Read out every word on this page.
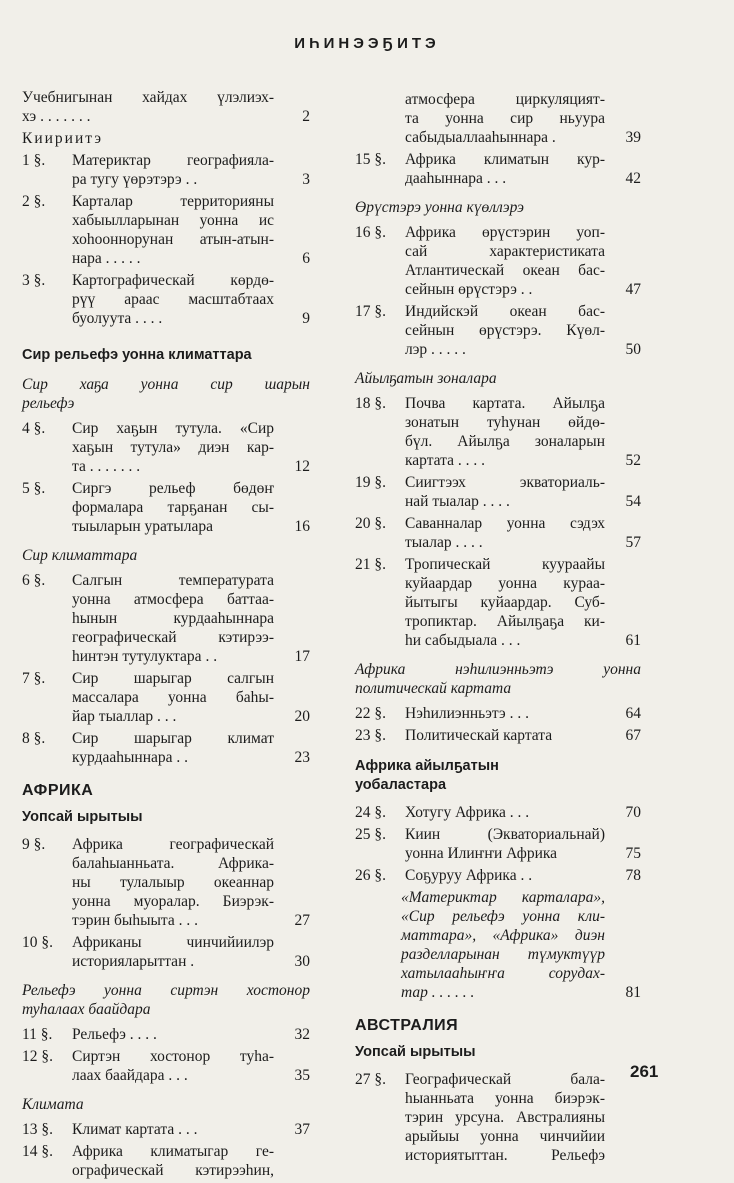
ИҺИНЭЭҔИТЭ
Учебнигынан хайдах үлэлиэх-
хэ . . . . . . .	2
Киириитэ
1 §.	Материктар географияла-
ра тугу үөрэтэрэ . .	3
2 §.	Карталар территорияны
хабыылларынан уонна ис
хоһооннорунан атын-атын-
нара . . . . .	6
3 §.	Картографическай көрдө-
рүү араас масштабтаах
буолуута . . . .	9
Сир рельефэ уонна климаттара
Сир хаҕа уонна сир шарын
рельефэ
4 §.	Сир хаҕын тутула. «Сир
хаҕын тутула» диэн кар-
та . . . . . . .	12
5 §.	Сиргэ рельеф бөдөҥ
формалара тарҕанан сы-
тыыларын уратылара	16
Сир климаттара
6 §.	Салгын температурата
уонна атмосфера баттаа-
һынын курдааһыннара
географическай кэтирээ-
һинтэн тутулуктара . .	17
7 §.	Сир шарыгар салгын
массалара уонна баһы-
йар тыаллар . . .	20
8 §.	Сир шарыгар климат
курдааһыннара . .	23
АФРИКА
Уопсай ырытыы
9 §.	Африка географическай
балаһыанньата. Африка-
ны тулалыыр океаннар
уонна муоралар. Биэрэк-
тэрин быһыыта . . .	27
10 §.	Африканы чинчийиилэр
историяларыттан .	30
Рельефэ уонна сиртэн хостонор
туһалаах баайдара
11 §.	Рельефэ . . . .	32
12 §.	Сиртэн хостонор туһа-
лаах баайдара . . .	35
Климата
13 §.	Климат картата . . .	37
14 §.	Африка климатыгар ге-
ографическай кэтирээһин,
атмосфера циркуляцият-
та уонна сир ньуура
сабыдыаллааһыннара .	39
15 §.	Африка климатын кур-
дааһыннара . . .	42
Өрүстэрэ уонна күөллэрэ
16 §.	Африка өрүстэрин уоп-
сай характеристиката
Атлантическай океан бас-
сейнын өрүстэрэ . .	47
17 §.	Индийскэй океан бас-
сейнын өрүстэрэ. Күөл-
лэр . . . . .	50
Айылҕатын зоналара
18 §.	Почва картата. Айылҕа
зонатын туһунан өйдө-
бүл. Айылҕа зоналарын
картата . . . .	52
19 §.	Сиигтээх экваториаль-
най тыалар . . . .	54
20 §.	Саванналар уонна сэдэх
тыалар . . . .	57
21 §.	Тропическай куураайы
куйаардар уонна кураа-
йытыгы куйаардар. Суб-
тропиктар. Айылҕаҕа ки-
һи сабыдыала . . .	61
Африка нэһилиэнньэтэ уонна
политическай картата
22 §.	Нэһилиэнньэтэ . . .	64
23 §.	Политическай картата	67
Африка айылҕатын
уобаластара
24 §.	Хотугу Африка . . .	70
25 §.	Киин (Экваториальнай)
уонна Илиҥҥи Африка	75
26 §.	Соҕуруу Африка . .	78
«Материктар карталара»,
«Сир рельефэ уонна кли-
маттара», «Африка» диэн
разделларынан түмуктүүр
хатылааһыҥҥа сорудах-
тар . . . . . .	81
АВСТРАЛИЯ
Уопсай ырытыы
27 §.	Географическай бала-
һыанньата уонна биэрэк-
тэрин урсуна. Австралияны
арыйыы уонна чинчийии
историятыттан. Рельефэ
261
